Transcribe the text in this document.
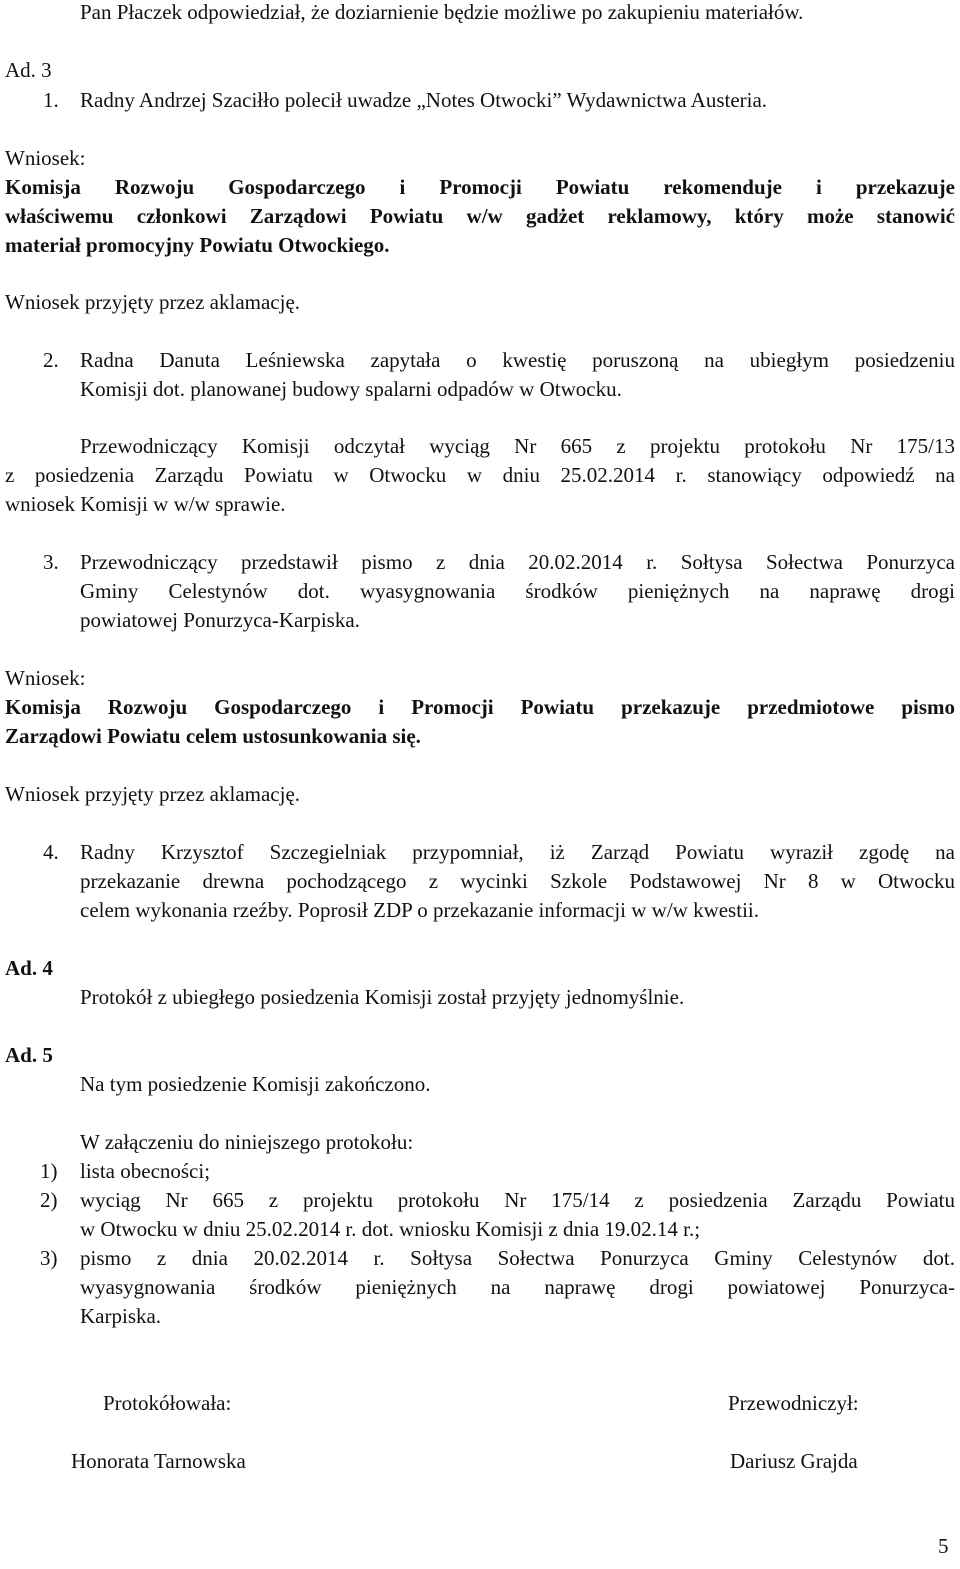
Pan Płaczek odpowiedział, że doziarnienie będzie możliwe po zakupieniu materiałów.
Ad. 3
1. Radny Andrzej Szaciłło polecił uwadze „Notes Otwocki” Wydawnictwa Austeria.
Wniosek:
Komisja Rozwoju Gospodarczego i Promocji Powiatu rekomenduje i przekazuje
właściwemu członkowi Zarządowi Powiatu w/w gadżet reklamowy, który może stanowić
materiał promocyjny Powiatu Otwockiego.
Wniosek przyjęty przez aklamację.
2. Radna Danuta Leśniewska zapytała o kwestię poruszoną na ubiegłym posiedzeniu
Komisji dot. planowanej budowy spalarni odpadów w Otwocku.
Przewodniczący Komisji odczytał wyciąg Nr 665 z projektu protokołu Nr 175/13
z posiedzenia Zarządu Powiatu w Otwocku w dniu 25.02.2014 r. stanowiący odpowiedź na
wniosek Komisji w w/w sprawie.
3. Przewodniczący przedstawił pismo z dnia 20.02.2014 r. Sołtysa Sołectwa Ponurzyca
Gminy Celestynów dot. wyasygnowania środków pieniężnych na naprawę drogi
powiatowej Ponurzyca-Karpiska.
Wniosek:
Komisja Rozwoju Gospodarczego i Promocji Powiatu przekazuje przedmiotowe pismo
Zarządowi Powiatu celem ustosunkowania się.
Wniosek przyjęty przez aklamację.
4. Radny Krzysztof Szczegielniak przypomniał, iż Zarząd Powiatu wyraził zgodę na
przekazanie drewna pochodzącego z wycinki Szkole Podstawowej Nr 8 w Otwocku
celem wykonania rzeźby. Poprosił ZDP o przekazanie informacji w w/w kwestii.
Ad. 4
Protokół z ubiegłego posiedzenia Komisji został przyjęty jednomyślnie.
Ad. 5
Na tym posiedzenie Komisji zakończono.
W załączeniu do niniejszego protokołu:
1) lista obecności;
2) wyciąg Nr 665 z projektu protokołu Nr 175/14 z posiedzenia Zarządu Powiatu
w Otwocku w dniu 25.02.2014 r. dot. wniosku Komisji z dnia 19.02.14 r.;
3) pismo z dnia 20.02.2014 r. Sołtysa Sołectwa Ponurzyca Gminy Celestynów dot.
wyasygnowania środków pieniężnych na naprawę drogi powiatowej Ponurzyca-
Karpiska.
Protokółowała:
Honorata Tarnowska
Przewodniczył:
Dariusz Grajda
5
